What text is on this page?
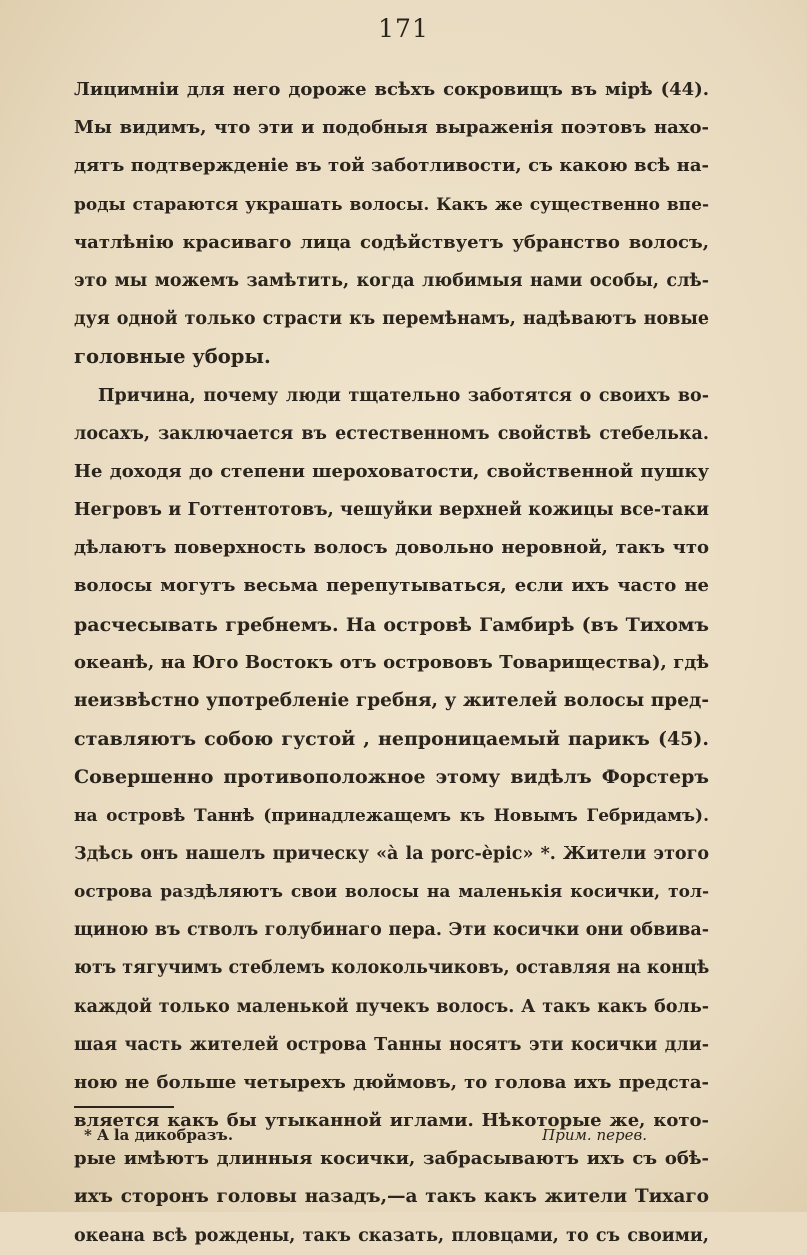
171
Лицимніи для него дороже всѣхъ сокровищъ въ мірѣ (44).
Мы видимъ, что эти и подобныя выраженія поэтовъ нахо-
дятъ подтвержденіе въ той заботливости, съ какою всѣ на-
роды стараются украшать волосы. Какъ же существенно впе-
чатлѣнію красиваго лица содѣйствуетъ убранство волосъ,
это мы можемъ замѣтить, когда любимыя нами особы, слѣ-
дуя одной только страсти къ перемѣнамъ, надѣваютъ новые
головные уборы.
Причина, почему люди тщательно заботятся о своихъ во-
лосахъ, заключается въ естественномъ свойствѣ стебелька.
Не доходя до степени шероховатости, свойственной пушку
Негровъ и Готтентотовъ, чешуйки верхней кожицы все-таки
дѣлаютъ поверхность волосъ довольно неровной, такъ что
волосы могутъ весьма перепутываться, если ихъ часто не
расчесывать гребнемъ. На островѣ Гамбирѣ (въ Тихомъ
океанѣ, на Юго Востокъ отъ острововъ Товарищества), гдѣ
неизвѣстно употребленіе гребня, у жителей волосы пред-
ставляютъ собою густой , непроницаемый парикъ (45).
Совершенно противоположное этому видѣлъ Форстеръ
на островѣ Таннѣ (принадлежащемъ къ Новымъ Гебридамъ).
Здѣсь онъ нашелъ прическу «à la porc-èpic» *. Жители этого
острова раздѣляютъ свои волосы на маленькія косички, тол-
щиною въ стволъ голубинаго пера. Эти косички они обвива-
ютъ тягучимъ стеблемъ колокольчиковъ, оставляя на концѣ
каждой только маленькой пучекъ волосъ. А такъ какъ боль-
шая часть жителей острова Танны носятъ эти косички дли-
ною не больше четырехъ дюймовъ, то голова ихъ предста-
вляется какъ бы утыканной иглами. Нѣкоторые же, кото-
рые имѣютъ длинныя косички, забрасываютъ ихъ съ обѣ-
ихъ сторонъ головы назадъ,—а такъ какъ жители Тихаго
океана всѣ рождены, такъ сказать, пловцами, то съ своими,
* A la дикобразъ.	Прим. перев.
